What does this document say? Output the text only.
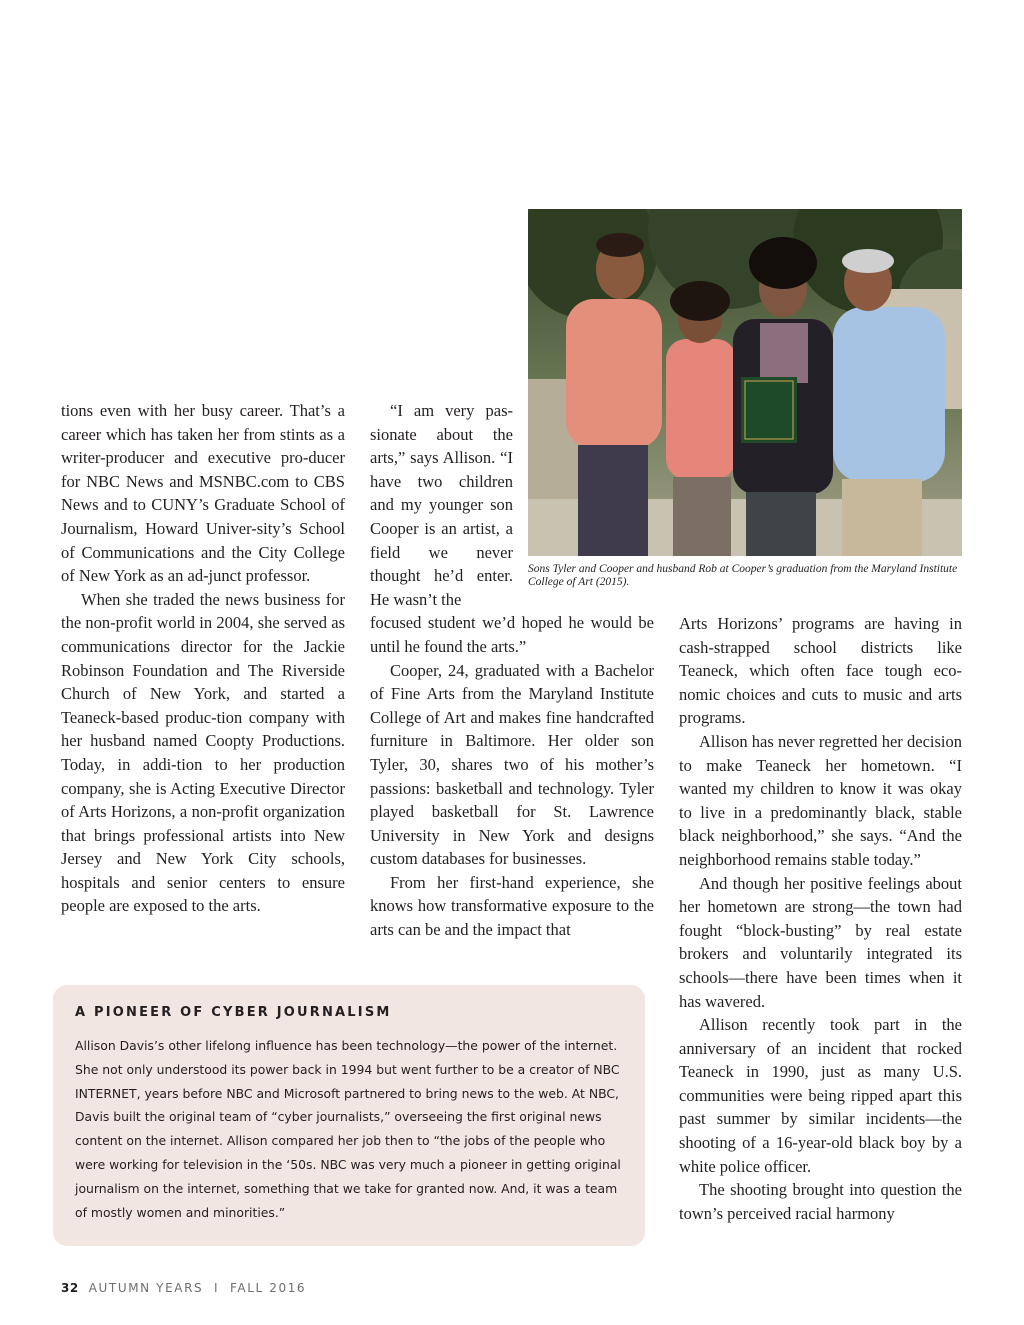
Sons Tyler and Cooper and husband Rob at Cooper’s graduation from the Maryland Institute College of Art (2015).

tions even with her busy career. That’s a career which has taken her from stints as a writer-producer and executive pro-ducer for NBC News and MSNBC.com to CBS News and to CUNY’s Graduate School of Journalism, Howard Univer-sity’s School of Communications and the City College of New York as an ad-junct professor.

When she traded the news business for the non-profit world in 2004, she served as communications director for the Jackie Robinson Foundation and The Riverside Church of New York, and started a Teaneck-based produc-tion company with her husband named Coopty Productions. Today, in addi-tion to her production company, she is Acting Executive Director of Arts Horizons, a non-profit organization that brings professional artists into New Jersey and New York City schools, hospitals and senior centers to ensure people are exposed to the arts.

“I am very pas-sionate about the arts,” says Allison. “I have two children and my younger son Cooper is an artist, a field we never thought he’d enter. He wasn’t the

focused student we’d hoped he would be until he found the arts.”

Cooper, 24, graduated with a Bachelor of Fine Arts from the Maryland Institute College of Art and makes fine handcrafted furniture in Baltimore. Her older son Tyler, 30, shares two of his mother’s passions: basketball and technology. Tyler played basketball for St. Lawrence University in New York and designs custom databases for businesses.

From her first-hand experience, she knows how transformative exposure to the arts can be and the impact that

Arts Horizons’ programs are having in cash-strapped school districts like Teaneck, which often face tough eco-nomic choices and cuts to music and arts programs.

Allison has never regretted her decision to make Teaneck her hometown. “I wanted my children to know it was okay to live in a predominantly black, stable black neighborhood,” she says. “And the neighborhood remains stable today.”

And though her positive feelings about her hometown are strong—the town had fought “block-busting” by real estate brokers and voluntarily integrated its schools—there have been times when it has wavered.

Allison recently took part in the anniversary of an incident that rocked Teaneck in 1990, just as many U.S. communities were being ripped apart this past summer by similar incidents—the shooting of a 16-year-old black boy by a white police officer.

The shooting brought into question the town’s perceived racial harmony

A PIONEER OF CYBER JOURNALISM

Allison Davis’s other lifelong influence has been technology—the power of the internet. She not only understood its power back in 1994 but went further to be a creator of NBC INTERNET, years before NBC and Microsoft partnered to bring news to the web. At NBC, Davis built the original team of “cyber journalists,” overseeing the first original news content on the internet. Allison compared her job then to “the jobs of the people who were working for television in the ‘50s. NBC was very much a pioneer in getting original journalism on the internet, something that we take for granted now. And, it was a team of mostly women and minorities.”

32 AUTUMN YEARS  I  FALL 2016
